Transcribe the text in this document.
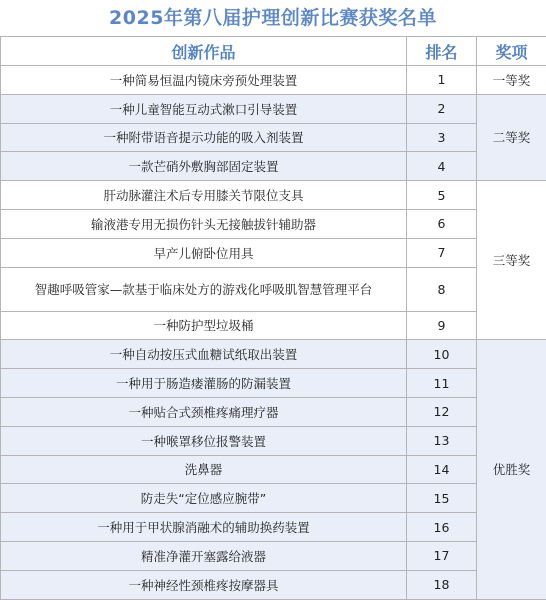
2025年第八届护理创新比赛获奖名单
创新作品	排名	奖项
一种简易恒温内镜床旁预处理装置	1	一等奖
一种儿童智能互动式漱口引导装置	2	二等奖
一种附带语音提示功能的吸入剂装置	3	
一款芒硝外敷胸部固定装置	4	
肝动脉灌注术后专用膝关节限位支具	5	三等奖
输液港专用无损伤针头无接触拔针辅助器	6	
早产儿俯卧位用具	7	
智趣呼吸管家—款基于临床处方的游戏化呼吸肌智慧管理平台	8	
一种防护型垃圾桶	9	
一种自动按压式血糖试纸取出装置	10	优胜奖
一种用于肠造瘘灌肠的防漏装置	11	
一种贴合式颈椎疼痛理疗器	12	
一种喉罩移位报警装置	13	
洗鼻器	14	
防走失“定位感应腕带”	15	
一种用于甲状腺消融术的辅助换药装置	16	
精准净灌开塞露给液器	17	
一种神经性颈椎疼按摩器具	18	
